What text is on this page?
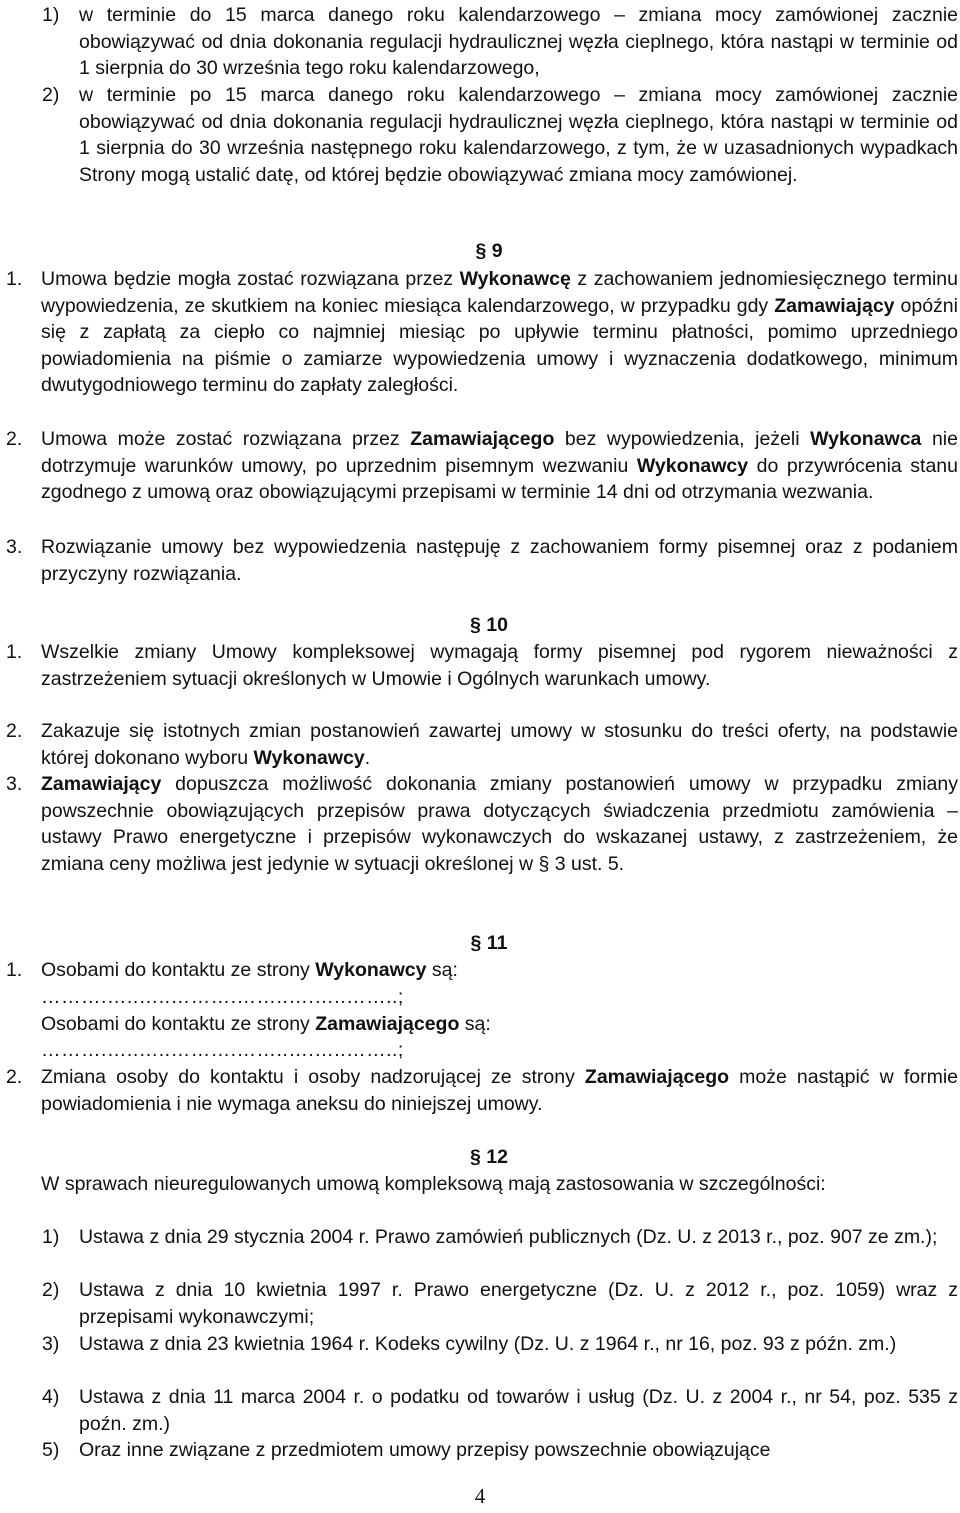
1) w terminie do 15 marca danego roku kalendarzowego – zmiana mocy zamówionej zacznie obowiązywać od dnia dokonania regulacji hydraulicznej węzła cieplnego, która nastąpi w terminie od 1 sierpnia do 30 września tego roku kalendarzowego,

2) w terminie po 15 marca danego roku kalendarzowego – zmiana mocy zamówionej zacznie obowiązywać od dnia dokonania regulacji hydraulicznej węzła cieplnego, która nastąpi w terminie od 1 sierpnia do 30 września następnego roku kalendarzowego, z tym, że w uzasadnionych wypadkach Strony mogą ustalić datę, od której będzie obowiązywać zmiana mocy zamówionej.

§ 9
1. Umowa będzie mogła zostać rozwiązana przez Wykonawcę z zachowaniem jednomiesięcznego terminu wypowiedzenia, ze skutkiem na koniec miesiąca kalendarzowego, w przypadku gdy Zamawiający opóźni się z zapłatą za ciepło co najmniej miesiąc po upływie terminu płatności, pomimo uprzedniego powiadomienia na piśmie o zamiarze wypowiedzenia umowy i wyznaczenia dodatkowego, minimum dwutygodniowego terminu do zapłaty zaległości.

2. Umowa może zostać rozwiązana przez Zamawiającego bez wypowiedzenia, jeżeli Wykonawca nie dotrzymuje warunków umowy, po uprzednim pisemnym wezwaniu Wykonawcy do przywrócenia stanu zgodnego z umową oraz obowiązującymi przepisami w terminie 14 dni od otrzymania wezwania.

3. Rozwiązanie umowy bez wypowiedzenia następuję z zachowaniem formy pisemnej oraz z podaniem przyczyny rozwiązania.

§ 10
1. Wszelkie zmiany Umowy kompleksowej wymagają formy pisemnej pod rygorem nieważności z zastrzeżeniem sytuacji określonych w Umowie i Ogólnych warunkach umowy.

2. Zakazuje się istotnych zmian postanowień zawartej umowy w stosunku do treści oferty, na podstawie której dokonano wyboru Wykonawcy.

3. Zamawiający dopuszcza możliwość dokonania zmiany postanowień umowy w przypadku zmiany powszechnie obowiązujących przepisów prawa dotyczących świadczenia przedmiotu zamówienia – ustawy Prawo energetyczne i przepisów wykonawczych do wskazanej ustawy, z zastrzeżeniem, że zmiana ceny możliwa jest jedynie w sytuacji określonej w § 3 ust. 5.

§ 11
1. Osobami do kontaktu ze strony Wykonawcy są:

……….…..…..……….……..….…..……..;
Osobami do kontaktu ze strony Zamawiającego są:
……….…..…..……….……..….…..……..;
2. Zmiana osoby do kontaktu i osoby nadzorującej ze strony Zamawiającego może nastąpić w formie powiadomienia i nie wymaga aneksu do niniejszej umowy.

§ 12

W sprawach nieuregulowanych umową kompleksową mają zastosowania w szczególności:

1) Ustawa z dnia 29 stycznia 2004 r. Prawo zamówień publicznych (Dz. U. z 2013 r., poz. 907 ze zm.);

2) Ustawa z dnia 10 kwietnia 1997 r. Prawo energetyczne (Dz. U. z 2012 r., poz. 1059) wraz z przepisami wykonawczymi;

3) Ustawa z dnia 23 kwietnia 1964 r. Kodeks cywilny (Dz. U. z 1964 r., nr 16, poz. 93 z późn. zm.)

4) Ustawa z dnia 11 marca 2004 r. o podatku od towarów i usług (Dz. U. z 2004 r., nr 54, poz. 535 z poźn. zm.)

5) Oraz inne związane z przedmiotem umowy przepisy powszechnie obowiązujące

4
